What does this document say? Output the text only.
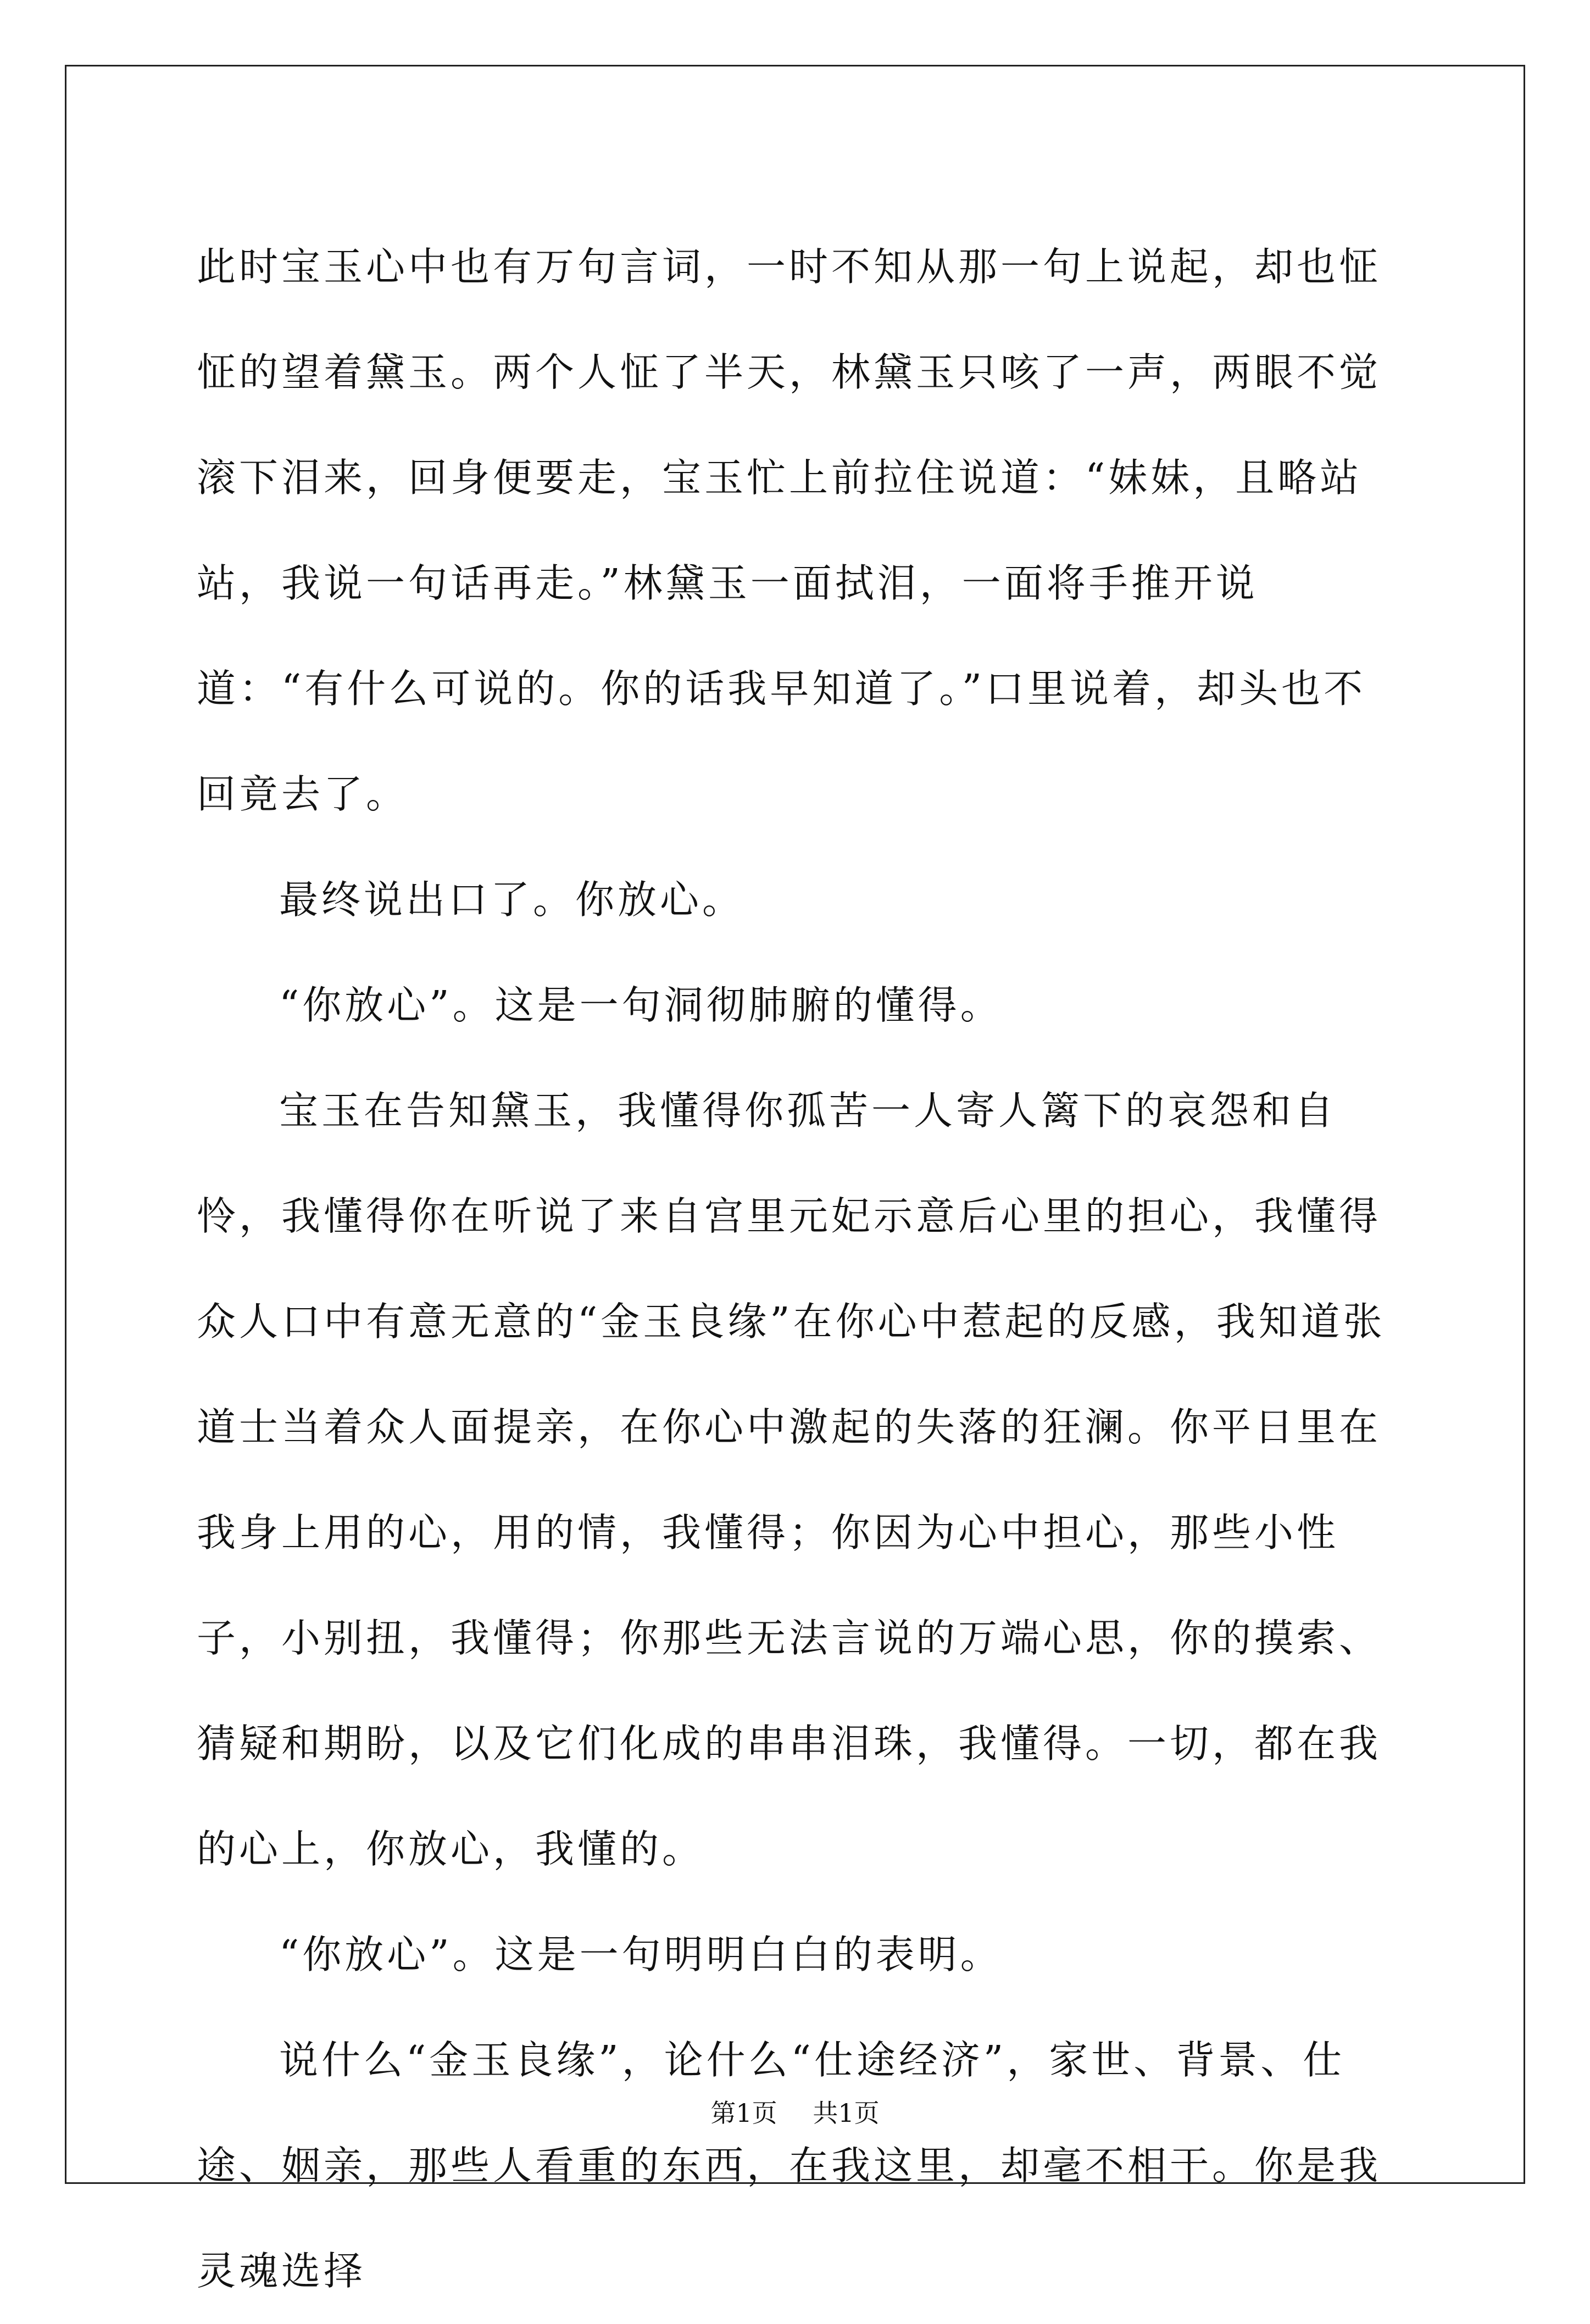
此时宝玉心中也有万句言词，一时不知从那一句上说起，却也怔怔的望着黛玉。两个人怔了半天，林黛玉只咳了一声，两眼不觉滚下泪来，回身便要走，宝玉忙上前拉住说道：“妹妹，且略站站，我说一句话再走。”林黛玉一面拭泪，一面将手推开说道：“有什么可说的。你的话我早知道了。”口里说着，却头也不回竟去了。

最终说出口了。你放心。

“你放心”。这是一句洞彻肺腑的懂得。

宝玉在告知黛玉，我懂得你孤苦一人寄人篱下的哀怨和自怜，我懂得你在听说了来自宫里元妃示意后心里的担心，我懂得众人口中有意无意的“金玉良缘”在你心中惹起的反感，我知道张道士当着众人面提亲，在你心中激起的失落的狂澜。你平日里在我身上用的心，用的情，我懂得；你因为心中担心，那些小性子，小别扭，我懂得；你那些无法言说的万端心思，你的摸索、猜疑和期盼，以及它们化成的串串泪珠，我懂得。一切，都在我的心上，你放心，我懂的。

“你放心”。这是一句明明白白的表明。

说什么“金玉良缘”，论什么“仕途经济”，家世、背景、仕途、姻亲，那些人看重的东西，在我这里，却毫不相干。你是我灵魂选择

第1页 共1页
